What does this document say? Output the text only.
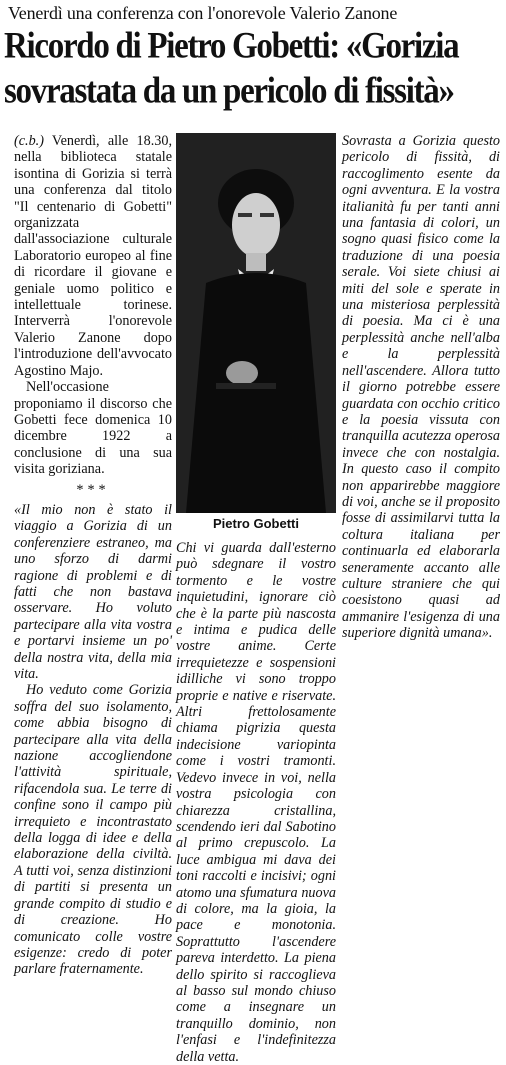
Venerdì una conferenza con l'onorevole Valerio Zanone
Ricordo di Pietro Gobetti: «Gorizia
sovrastata da un pericolo di fissità»

(c.b.) Venerdì, alle 18.30, nella biblioteca statale isontina di Gorizia si terrà una conferenza dal titolo "Il centenario di Gobetti" organizzata dall'associazione culturale Laboratorio europeo al fine di ricordare il giovane e geniale uomo politico e intellettuale torinese. Interverrà l'onorevole Valerio Zanone dopo l'introduzione dell'avvocato Agostino Majo.

Nell'occasione proponiamo il discorso che Gobetti fece domenica 10 dicembre 1922 a conclusione di una sua visita goriziana.

***

«Il mio non è stato il viaggio a Gorizia di un conferenziere estraneo, ma uno sforzo di darmi ragione di problemi e di fatti che non bastava osservare. Ho voluto partecipare alla vita vostra e portarvi insieme un po' della nostra vita, della mia vita.

Ho veduto come Gorizia soffra del suo isolamento, come abbia bisogno di partecipare alla vita della nazione accogliendone l'attività spirituale, rifacendola sua. Le terre di confine sono il campo più irrequieto e incontrastato della logga di idee e della elaborazione della civiltà. A tutti voi, senza distinzioni di partiti si presenta un grande compito di studio e di creazione. Ho comunicato colle vostre esigenze: credo di poter parlare fraternamente.

Pietro Gobetti

Chi vi guarda dall'esterno può sdegnare il vostro tormento e le vostre inquietudini, ignorare ciò che è la parte più nascosta e intima e pudica delle vostre anime. Certe irrequietezze e sospensioni idilliche vi sono troppo proprie e native e riservate. Altri frettolosamente chiama pigrizia questa indecisione variopinta come i vostri tramonti. Vedevo invece in voi, nella vostra psicologia con chiarezza cristallina, scendendo ieri dal Sabotino al primo crepuscolo. La luce ambigua mi dava dei toni raccolti e incisivi; ogni atomo una sfumatura nuova di colore, ma la gioia, la pace e monotonia. Soprattutto l'ascendere pareva interdetto. La piena dello spirito si raccoglieva al basso sul mondo chiuso come a insegnare un tranquillo dominio, non l'enfasi e l'indefinitezza della vetta.

Sovrasta a Gorizia questo pericolo di fissità, di raccoglimento esente da ogni avventura. E la vostra italianità fu per tanti anni una fantasia di colori, un sogno quasi fisico come la traduzione di una poesia serale. Voi siete chiusi ai miti del sole e sperate in una misteriosa perplessità di poesia. Ma ci è una perplessità anche nell'alba e la perplessità nell'ascendere. Allora tutto il giorno potrebbe essere guardata con occhio critico e la poesia vissuta con tranquilla acutezza operosa invece che con nostalgia. In questo caso il compito non apparirebbe maggiore di voi, anche se il proposito fosse di assimilarvi tutta la coltura italiana per continuarla ed elaborarla seneramente accanto alle culture straniere che qui coesistono quasi ad ammanire l'esigenza di una superiore dignità umana».
